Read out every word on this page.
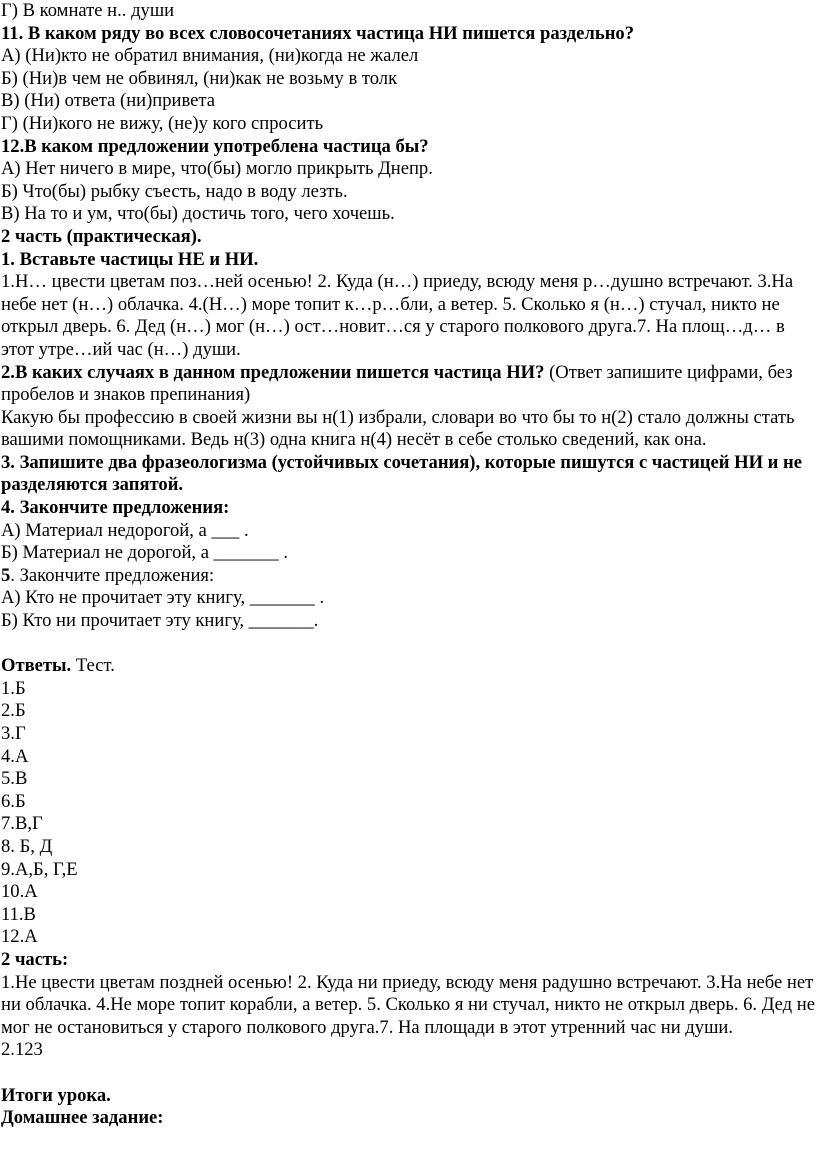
Г) В комнате н.. души

11. В каком ряду во всех словосочетаниях частица НИ пишется раздельно?

А) (Ни)кто не обратил внимания, (ни)когда не жалел

Б) (Ни)в чем не обвинял, (ни)как не возьму в толк

В) (Ни) ответа (ни)привета

Г) (Ни)кого не вижу, (не)у кого спросить

12.В каком предложении употреблена частица бы?

А) Нет ничего в мире, что(бы) могло прикрыть Днепр.

Б) Что(бы) рыбку съесть, надо в воду лезть.

В) На то и ум, что(бы) достичь того, чего хочешь.

2 часть (практическая).

1. Вставьте частицы НЕ и НИ.

1.Н… цвести цветам поз…ней осенью! 2. Куда (н…) приеду, всюду меня р…душно встречают. 3.На небе нет (н…) облачка. 4.(Н…) море топит к…р…бли, а ветер. 5. Сколько я (н…) стучал, никто не открыл дверь. 6. Дед (н…) мог (н…) ост…новит…ся у старого полкового друга.7. На площ…д… в этот утре…ий час (н…) души.

2.В каких случаях в данном предложении пишется частица НИ? (Ответ запишите цифрами, без пробелов и знаков препинания)

Какую бы профессию в своей жизни вы н(1) избрали, словари во что бы то н(2) стало должны стать вашими помощниками. Ведь н(3) одна книга н(4) несёт в себе столько сведений, как она.

3. Запишите два фразеологизма (устойчивых сочетания), которые пишутся с частицей НИ и не разделяются запятой.

4. Закончите предложения:

А) Материал недорогой, а ___ .

Б) Материал не дорогой, а _______ .

5. Закончите предложения:

А) Кто не прочитает эту книгу, _______ .

Б) Кто ни прочитает эту книгу, _______.

Ответы. Тест.

1.Б

2.Б

3.Г

4.А

5.В

6.Б

7.В,Г

8. Б, Д

9.А,Б, Г,Е

10.А

11.В

12.А

2 часть:

1.Не цвести цветам поздней осенью! 2. Куда ни приеду, всюду меня радушно встречают. 3.На небе нет ни облачка. 4.Не море топит корабли, а ветер. 5. Сколько я ни стучал, никто не открыл дверь. 6. Дед не мог не остановиться у старого полкового друга.7. На площади в этот утренний час ни души.

2.123

Итоги урока.

Домашнее задание:
